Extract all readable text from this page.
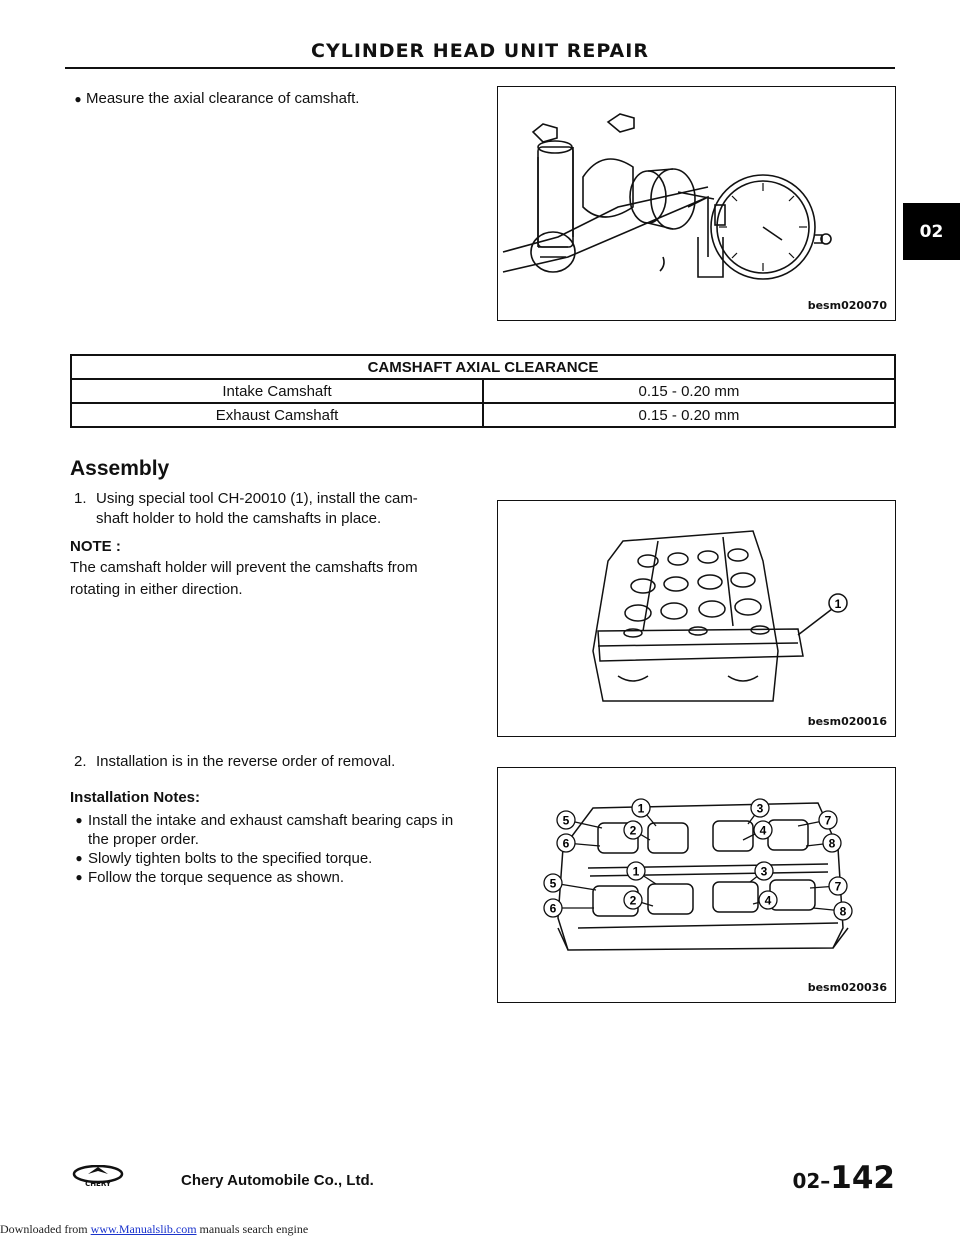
CYLINDER HEAD UNIT REPAIR
02
● Measure the axial clearance of camshaft.
besm020070
CAMSHAFT AXIAL CLEARANCE	
Intake Camshaft	0.15 - 0.20 mm
Exhaust Camshaft	0.15 - 0.20 mm
Assembly
1. Using special tool CH-20010 (1), install the cam-
shaft holder to hold the camshafts in place.
NOTE :
The camshaft holder will prevent the camshafts from rotating in either direction.
1
besm020016
2. Installation is in the reverse order of removal.
Installation Notes:
● Install the intake and exhaust camshaft bearing caps in the proper order.
● Slowly tighten bolts to the specified torque.
● Follow the torque sequence as shown.
5
1	3
7
6
2	4
8
5
1	3
7
6
2	4
8
besm020036
CHERY	Chery Automobile Co., Ltd.	02–142
Downloaded from www.Manualslib.com manuals search engine
